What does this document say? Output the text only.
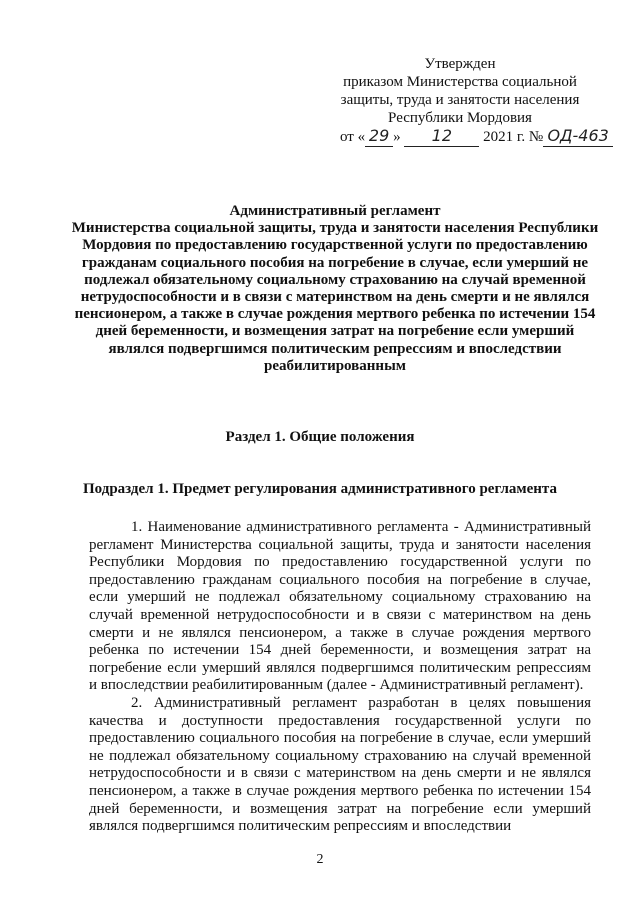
Утвержден
приказом Министерства социальной
защиты, труда и занятости населения
Республики Мордовия
от « 29 » 12 2021 г. № ОД-463
Административный регламент
Министерства социальной защиты, труда и занятости населения Республики Мордовия по предоставлению государственной услуги по предоставлению гражданам социального пособия на погребение в случае, если умерший не подлежал обязательному социальному страхованию на случай временной нетрудоспособности и в связи с материнством на день смерти и не являлся пенсионером, а также в случае рождения мертвого ребенка по истечении 154 дней беременности, и возмещения затрат на погребение если умерший являлся подвергшимся политическим репрессиям и впоследствии реабилитированным
Раздел 1. Общие положения
Подраздел 1. Предмет регулирования административного регламента

1. Наименование административного регламента - Административный регламент Министерства социальной защиты, труда и занятости населения Республики Мордовия по предоставлению государственной услуги по предоставлению гражданам социального пособия на погребение в случае, если умерший не подлежал обязательному социальному страхованию на случай временной нетрудоспособности и в связи с материнством на день смерти и не являлся пенсионером, а также в случае рождения мертвого ребенка по истечении 154 дней беременности, и возмещения затрат на погребение если умерший являлся подвергшимся политическим репрессиям и впоследствии реабилитированным (далее - Административный регламент).

2. Административный регламент разработан в целях повышения качества и доступности предоставления государственной услуги по предоставлению социального пособия на погребение в случае, если умерший не подлежал обязательному социальному страхованию на случай временной нетрудоспособности и в связи с материнством на день смерти и не являлся пенсионером, а также в случае рождения мертвого ребенка по истечении 154 дней беременности, и возмещения затрат на погребение если умерший являлся подвергшимся политическим репрессиям и впоследствии

2
